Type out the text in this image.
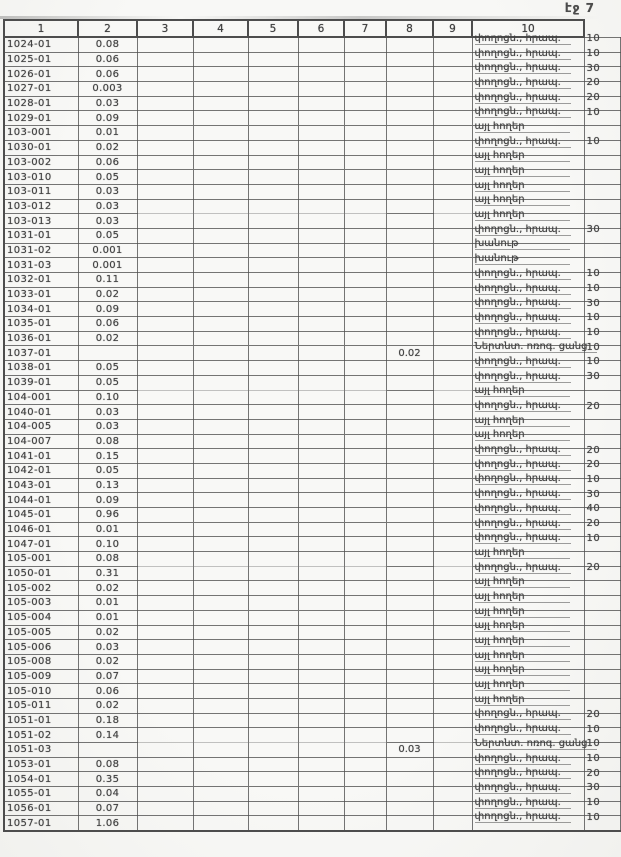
էջ 7
1	2	3	4	5	6	7	8	9	10	
1024-01	0.08								փողոցն., հրապ.	10
1025-01	0.06								փողոցն., հրապ.	10
1026-01	0.06								փողոցն., հրապ.	30
1027-01	0.003								փողոցն., հրապ.	20
1028-01	0.03								փողոցն., հրապ.	20
1029-01	0.09								փողոցն., հրապ.	10
103-001	0.01								այլ հողեր	
1030-01	0.02								փողոցն., հրապ.	10
103-002	0.06								այլ հողեր	
103-010	0.05								այլ հողեր	
103-011	0.03								այլ հողեր	
103-012	0.03								այլ հողեր	
103-013	0.03								այլ հողեր	
1031-01	0.05								փողոցն., հրապ.	30
1031-02	0.001								խանութ	
1031-03	0.001								խանութ	
1032-01	0.11								փողոցն., հրապ.	10
1033-01	0.02								փողոցն., հրապ.	10
1034-01	0.09								փողոցն., հրապ.	30
1035-01	0.06								փողոցն., հրապ.	10
1036-01	0.02								փողոցն., հրապ.	10
1037-01							0.02		Ներտնտ. ոռոգ. ցանց	10
1038-01	0.05								փողոցն., հրապ.	10
1039-01	0.05								փողոցն., հրապ.	30
104-001	0.10								այլ հողեր	
1040-01	0.03								փողոցն., հրապ.	20
104-005	0.03								այլ հողեր	
104-007	0.08								այլ հողեր	
1041-01	0.15								փողոցն., հրապ.	20
1042-01	0.05								փողոցն., հրապ.	20
1043-01	0.13								փողոցն., հրապ.	10
1044-01	0.09								փողոցն., հրապ.	30
1045-01	0.96								փողոցն., հրապ.	40
1046-01	0.01								փողոցն., հրապ.	20
1047-01	0.10								փողոցն., հրապ.	10
105-001	0.08								այլ հողեր	
1050-01	0.31								փողոցն., հրապ.	20
105-002	0.02								այլ հողեր	
105-003	0.01								այլ հողեր	
105-004	0.01								այլ հողեր	
105-005	0.02								այլ հողեր	
105-006	0.03								այլ հողեր	
105-008	0.02								այլ հողեր	
105-009	0.07								այլ հողեր	
105-010	0.06								այլ հողեր	
105-011	0.02								այլ հողեր	
1051-01	0.18								փողոցն., հրապ.	20
1051-02	0.14								փողոցն., հրապ.	10
1051-03							0.03		Ներտնտ. ոռոգ. ցանց	10
1053-01	0.08								փողոցն., հրապ.	10
1054-01	0.35								փողոցն., հրապ.	20
1055-01	0.04								փողոցն., հրապ.	30
1056-01	0.07								փողոցն., հրապ.	10
1057-01	1.06								փողոցն., հրապ.	10
